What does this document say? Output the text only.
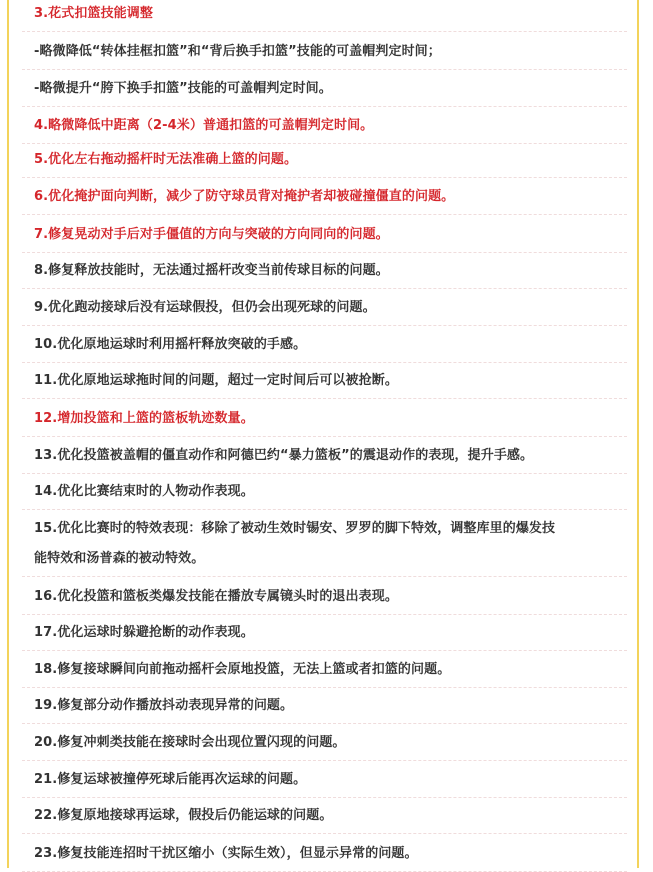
3.花式扣篮技能调整
-略微降低“转体挂框扣篮”和“背后换手扣篮”技能的可盖帽判定时间；
-略微提升“胯下换手扣篮”技能的可盖帽判定时间。
4.略微降低中距离（2-4米）普通扣篮的可盖帽判定时间。
5.优化左右拖动摇杆时无法准确上篮的问题。
6.优化掩护面向判断，减少了防守球员背对掩护者却被碰撞僵直的问题。
7.修复晃动对手后对手僵值的方向与突破的方向同向的问题。
8.修复释放技能时，无法通过摇杆改变当前传球目标的问题。
9.优化跑动接球后没有运球假投，但仍会出现死球的问题。
10.优化原地运球时利用摇杆释放突破的手感。
11.优化原地运球拖时间的问题，超过一定时间后可以被抢断。
12.增加投篮和上篮的篮板轨迹数量。
13.优化投篮被盖帽的僵直动作和阿德巴约“暴力篮板”的震退动作的表现，提升手感。
14.优化比赛结束时的人物动作表现。
15.优化比赛时的特效表现：移除了被动生效时锡安、罗罗的脚下特效，调整库里的爆发技
能特效和汤普森的被动特效。
16.优化投篮和篮板类爆发技能在播放专属镜头时的退出表现。
17.优化运球时躲避抢断的动作表现。
18.修复接球瞬间向前拖动摇杆会原地投篮，无法上篮或者扣篮的问题。
19.修复部分动作播放抖动表现异常的问题。
20.修复冲刺类技能在接球时会出现位置闪现的问题。
21.修复运球被撞停死球后能再次运球的问题。
22.修复原地接球再运球，假投后仍能运球的问题。
23.修复技能连招时干扰区缩小（实际生效），但显示异常的问题。
